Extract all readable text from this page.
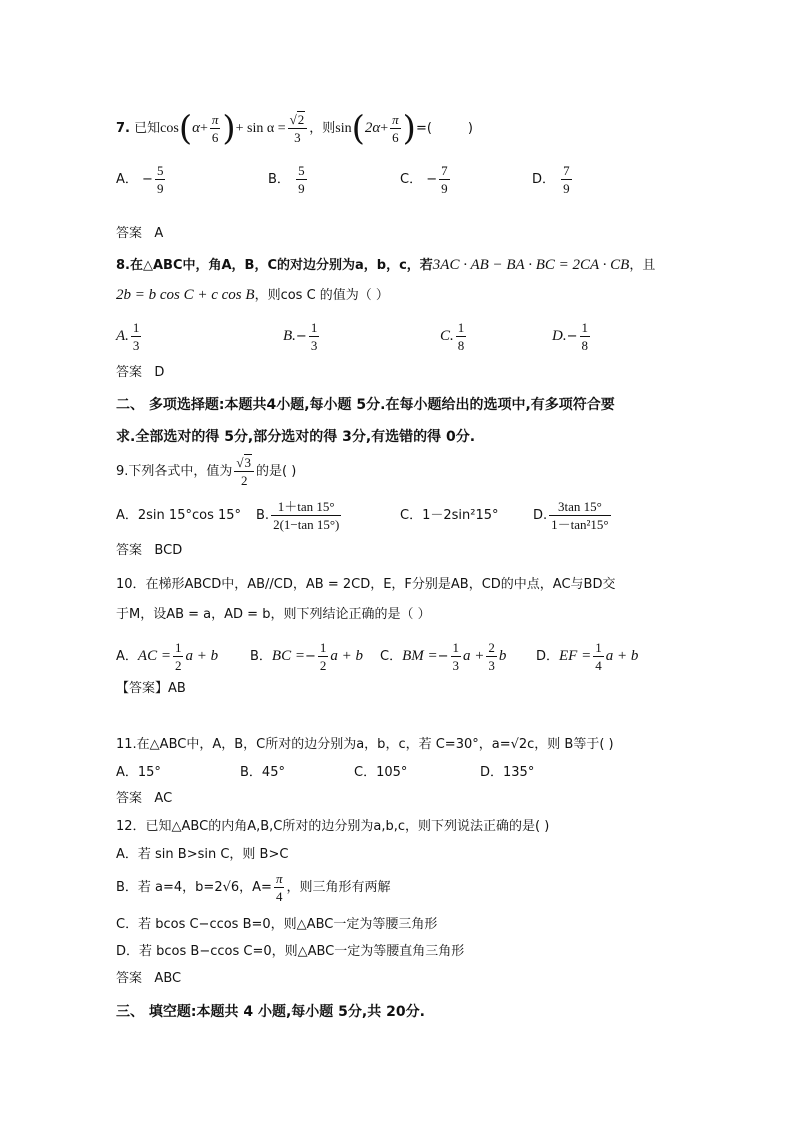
7. 已知$\cos(\alpha+ \frac{\pi}{6}$ )+ $\sin \alpha = \frac{√2}{3}$ ，则$\sin(2\alpha+ \frac{\pi}{6}$ )=(	)
A． − $\frac{5}{9}$	B． $\frac{5}{9}$	C． − $\frac{7}{9}$	D． $\frac{7}{9}$
答案 A
8.在△ABC中，角A，B，C的对边分别为a，b，c，若3AC · AB − BA · BC = 2CA · CB，且
2b = b cos C + c cos B，则cos C 的值为（ ）
A. $\frac{1}{3}$	$B.- \frac{1}{3}$	C. $\frac{1}{8}$	$D.- \frac{1}{8}$
答案 D
二、 多项选择题:本题共4小题,每小题 5分.在每小题给出的选项中,有多项符合要
求.全部选对的得 5分,部分选对的得 3分,有选错的得 0分.
9.下列各式中，值为 $\frac{√3}{2}$ 的是( )
A．2sin 15°cos 15° B. $\frac{1+\tan 15^\circ}{2(1-\tan 15^\circ)}$	C．1－2sin²15°	D. $\frac{3\tan 15^\circ}{\text{1－tan²15°}}$
答案 BCD
10．在梯形ABCD中，AB//CD，AB = 2CD，E，F分别是AB，CD的中点，AC与BD交
于M，设AB = a，AD = b，则下列结论正确的是（ ）
A．AC = $\frac{1}{2}$ a + b B．BC =− $\frac{1}{2}$ a + b C．BM =− $\frac{1}{3}$ $a + \frac{2}{3}$ b D．EF = $\frac{1}{4}$ a + b
【答案】AB
11.在△ABC中，A，B，C所对的边分别为a，b，c，若 C=30°，a=√2c，则 B等于( )
A．15°	B．45°	C．105°	D．135°
答案 AC
12．已知△ABC的内角A,B,C所对的边分别为a,b,c，则下列说法正确的是( )
A．若 sin B>sin C，则 B>C
B．若 a=4，b=2√6，$A= \frac{\pi}{4}$ ，则三角形有两解
C．若 bcos C−ccos B=0，则△ABC一定为等腰三角形
D．若 bcos B−ccos C=0，则△ABC一定为等腰直角三角形
答案 ABC
三、 填空题:本题共 4 小题,每小题 5分,共 20分.
